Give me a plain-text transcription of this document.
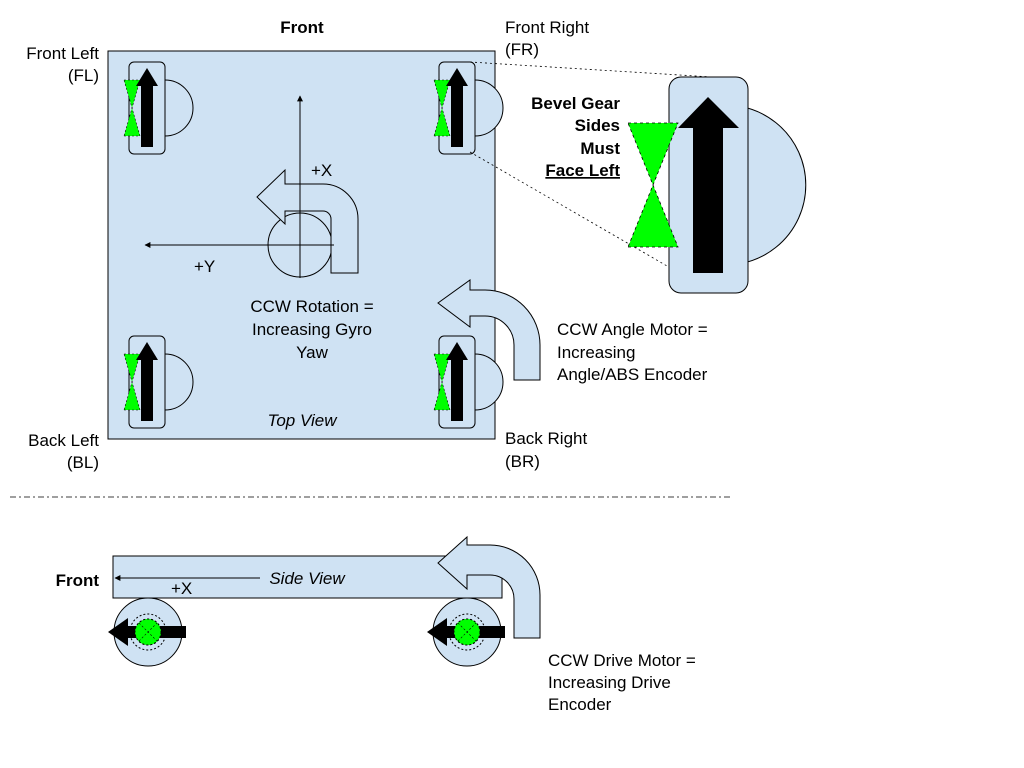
Front
Front Left
(FL)
Front Right
(FR)
Back Left
(BL)
Back Right
(BR)
+X
+Y
CCW Rotation =
Increasing Gyro
Yaw
Top View
CCW Angle Motor =
Increasing
Angle/ABS Encoder
Bevel Gear
Sides
Must
Face Left
Front	+X
Side View
CCW Drive Motor =
Increasing Drive
Encoder
